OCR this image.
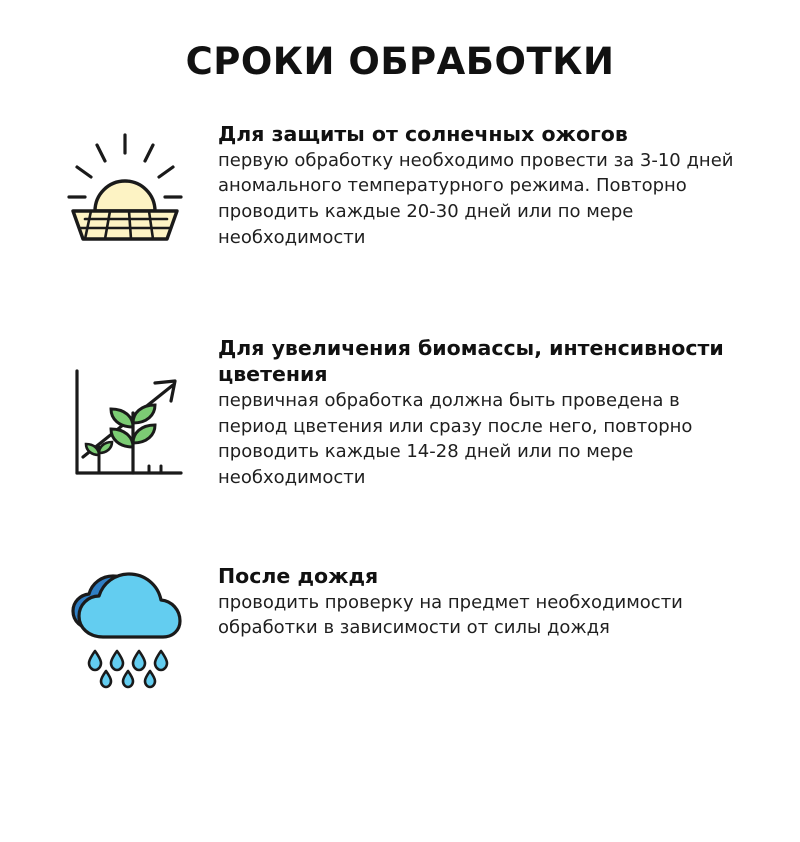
СРОКИ ОБРАБОТКИ

Для защиты от солнечных ожогов

первую обработку необходимо провести за 3-10 дней аномального температурного режима. Повторно проводить каждые 20-30 дней или по мере необходимости

Для увеличения биомассы, интенсивности цветения

первичная обработка должна быть проведена в период цветения или сразу после него, повторно проводить каждые 14-28 дней или по мере необходимости

После дождя

проводить проверку на предмет необходимости обработки в зависимости от силы дождя
